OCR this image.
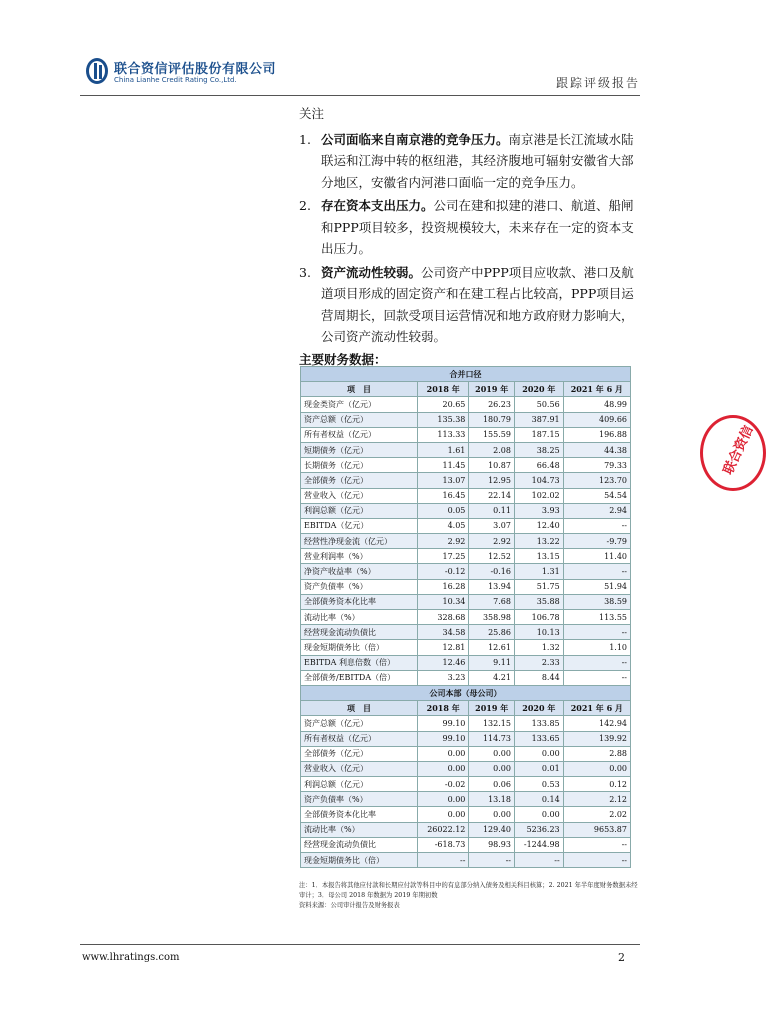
联合资信评估股份有限公司
China Lianhe Credit Rating Co.,Ltd.	跟踪评级报告
关注
1. 公司面临来自南京港的竞争压力。南京港是长江流域水陆联运和江海中转的枢纽港，其经济腹地可辐射安徽省大部分地区，安徽省内河港口面临一定的竞争压力。
2. 存在资本支出压力。公司在建和拟建的港口、航道、船闸和PPP项目较多，投资规模较大，未来存在一定的资本支出压力。
3. 资产流动性较弱。公司资产中PPP项目应收款、港口及航道项目形成的固定资产和在建工程占比较高，PPP项目运营周期长，回款受项目运营情况和地方政府财力影响大，公司资产流动性较弱。
主要财务数据：
合并口径				
项　目	2018 年	2019 年	2020 年	2021 年 6 月
现金类资产（亿元）	20.65	26.23	50.56	48.99
资产总额（亿元）	135.38	180.79	387.91	409.66
所有者权益（亿元）	113.33	155.59	187.15	196.88
短期债务（亿元）	1.61	2.08	38.25	44.38
长期债务（亿元）	11.45	10.87	66.48	79.33
全部债务（亿元）	13.07	12.95	104.73	123.70
营业收入（亿元）	16.45	22.14	102.02	54.54
利润总额（亿元）	0.05	0.11	3.93	2.94
EBITDA（亿元）	4.05	3.07	12.40	--
经营性净现金流（亿元）	2.92	2.92	13.22	-9.79
营业利润率（%）	17.25	12.52	13.15	11.40
净资产收益率（%）	-0.12	-0.16	1.31	--
资产负债率（%）	16.28	13.94	51.75	51.94
全部债务资本化比率	10.34	7.68	35.88	38.59
流动比率（%）	328.68	358.98	106.78	113.55
经营现金流动负债比	34.58	25.86	10.13	--
现金短期债务比（倍）	12.81	12.61	1.32	1.10
EBITDA 利息倍数（倍）	12.46	9.11	2.33	--
全部债务/EBITDA（倍）	3.23	4.21	8.44	--
公司本部（母公司）				
项　目	2018 年	2019 年	2020 年	2021 年 6 月
资产总额（亿元）	99.10	132.15	133.85	142.94
所有者权益（亿元）	99.10	114.73	133.65	139.92
全部债务（亿元）	0.00	0.00	0.00	2.88
营业收入（亿元）	0.00	0.00	0.01	0.00
利润总额（亿元）	-0.02	0.06	0.53	0.12
资产负债率（%）	0.00	13.18	0.14	2.12
全部债务资本化比率	0.00	0.00	0.00	2.02
流动比率（%）	26022.12	129.40	5236.23	9653.87
经营现金流动负债比	-618.73	98.93	-1244.98	--
现金短期债务比（倍）	--	--	--	--
注：1．本报告将其他应付款和长期应付款等科目中的有息部分纳入债务及相关科目核算；2. 2021 年半年度财务数据未经审计；3．母公司 2018 年数据为 2019 年期初数
资料来源：公司审计报告及财务报表
联合资信
www.lhratings.com	2
